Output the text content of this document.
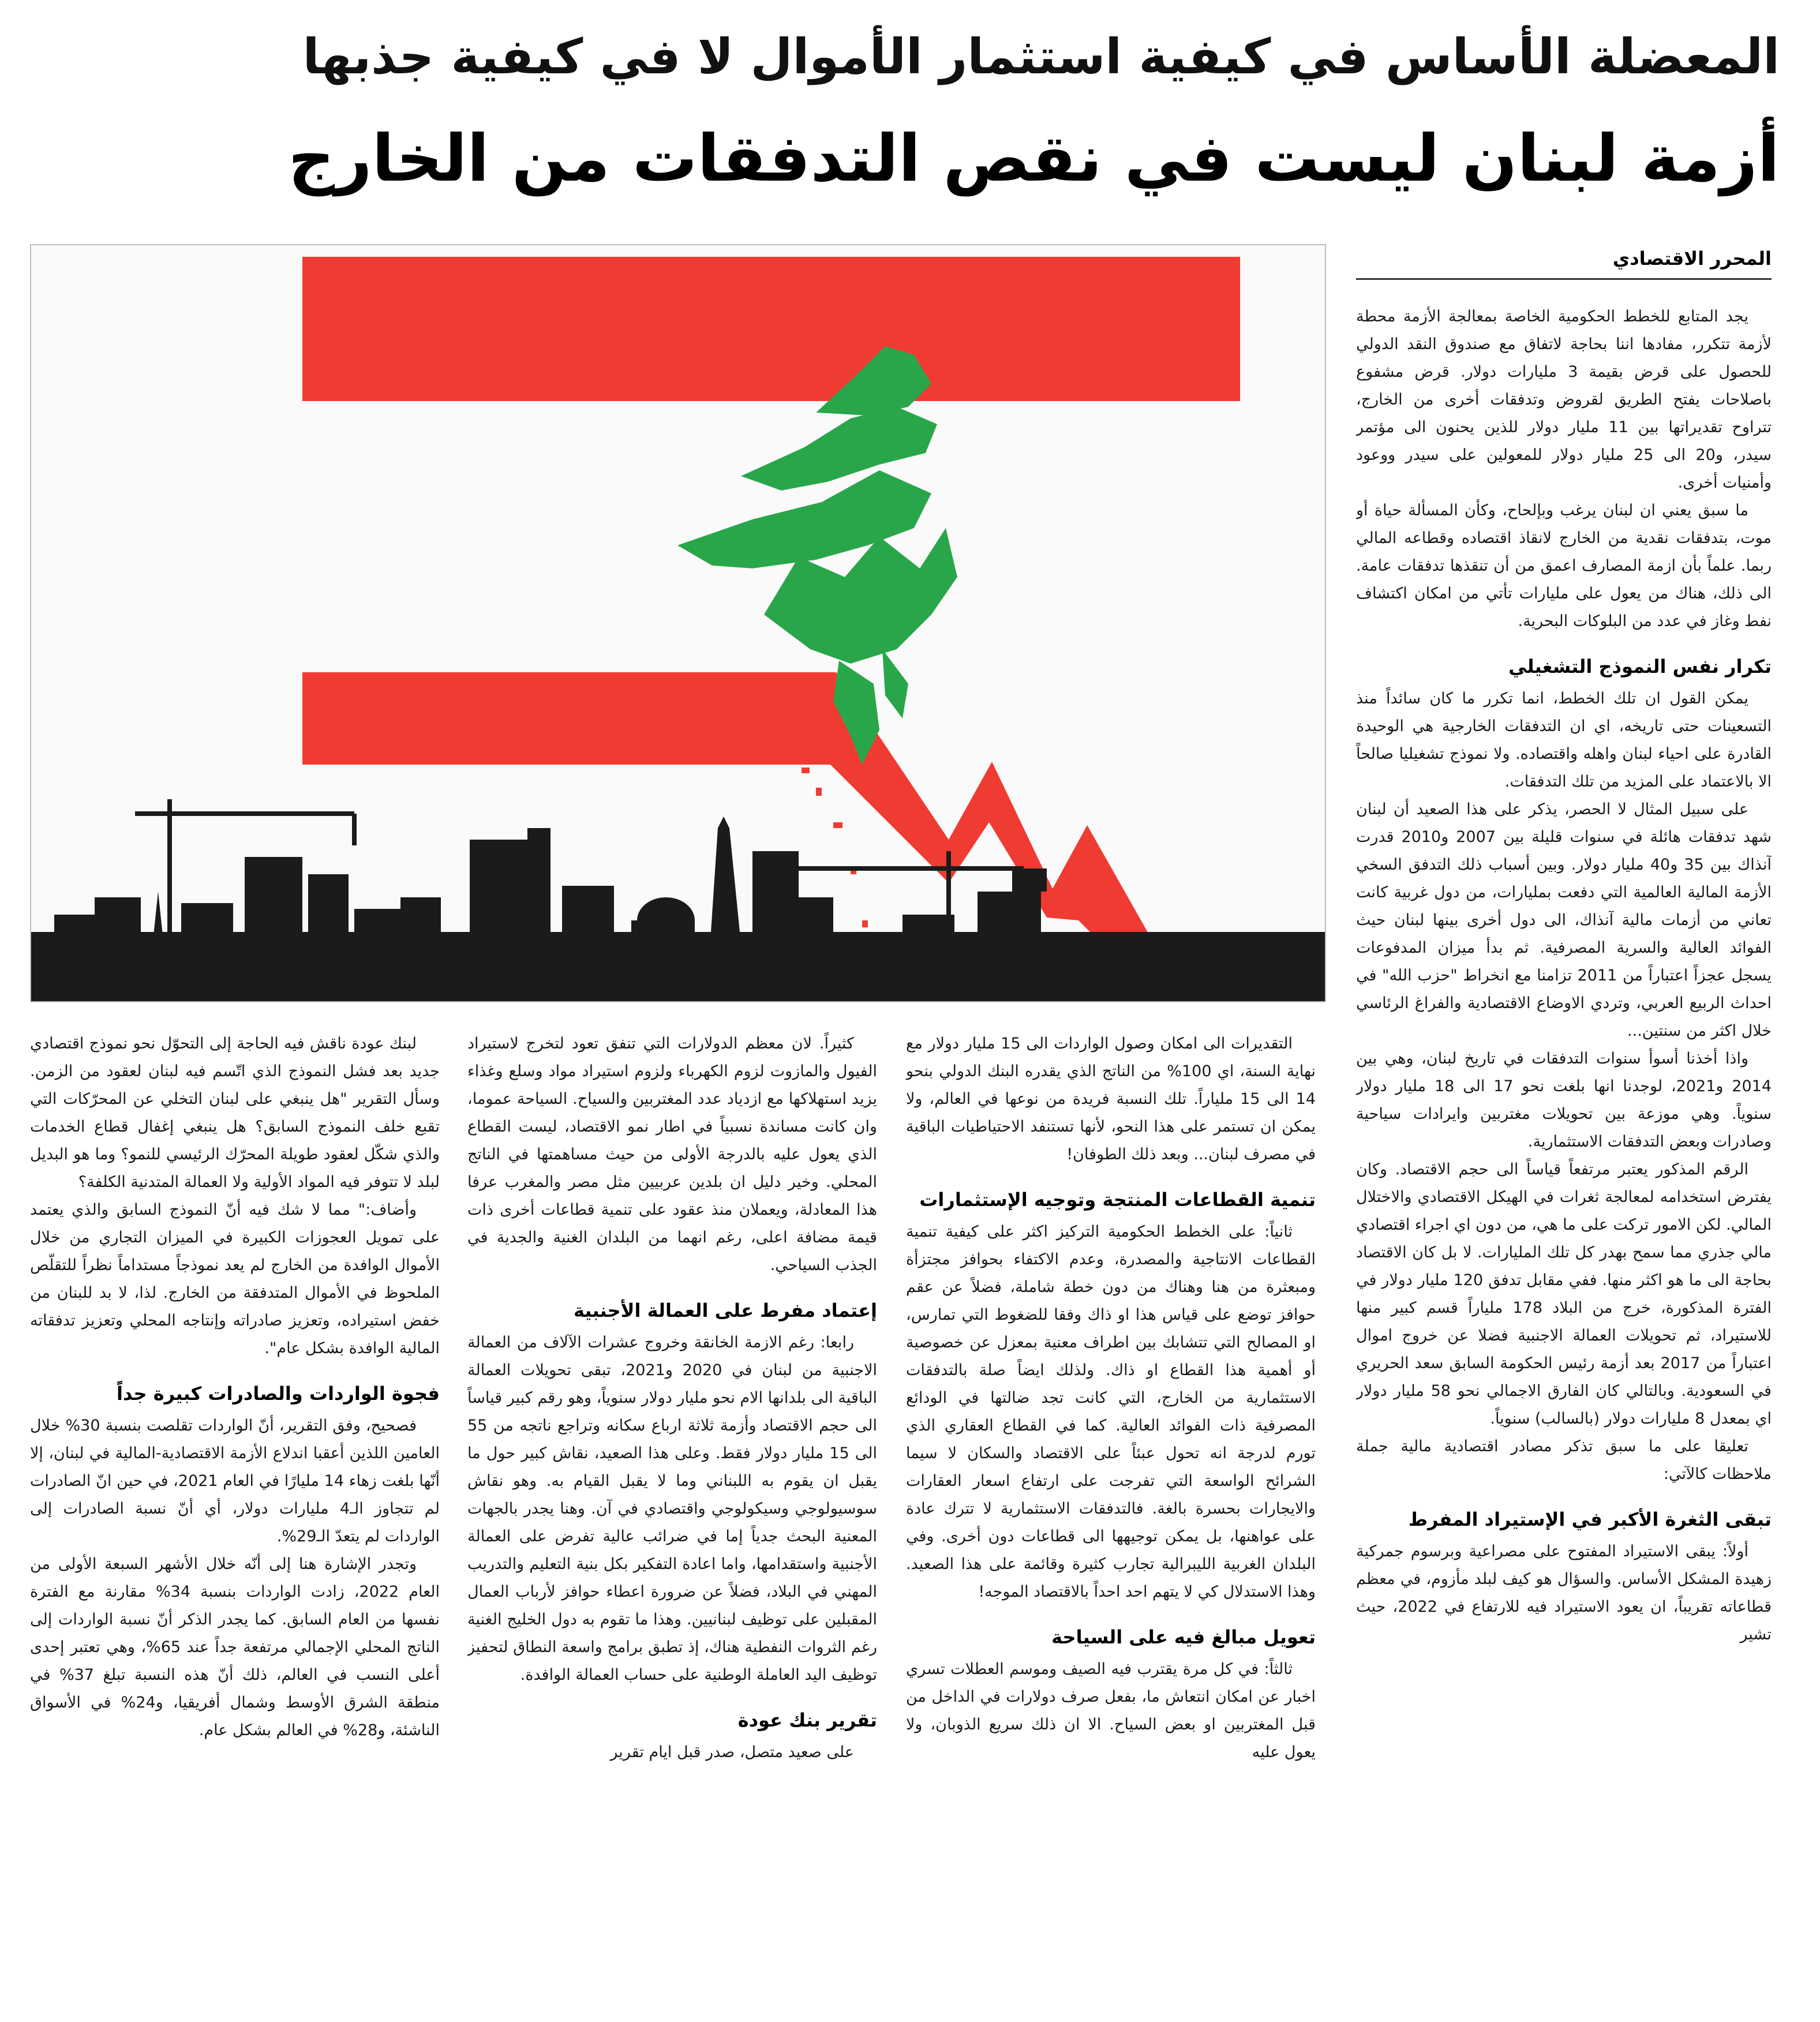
المعضلة الأساس في كيفية استثمار الأموال لا في كيفية جذبها
أزمة لبنان ليست في نقص التدفقات من الخارج
المحرر الاقتصادي

يجد المتابع للخطط الحكومية الخاصة بمعالجة الأزمة محطة لأزمة تتكرر، مفادها اننا بحاجة لاتفاق مع صندوق النقد الدولي للحصول على قرض بقيمة 3 مليارات دولار. قرض مشفوع باصلاحات يفتح الطريق لقروض وتدفقات أخرى من الخارج، تتراوح تقديراتها بين 11 مليار دولار للذين يحنون الى مؤتمر سيدر، و20 الى 25 مليار دولار للمعولين على سيدر ووعود وأمنيات أخرى.

ما سبق يعني ان لبنان يرغب وبإلحاح، وكأن المسألة حياة أو موت، بتدفقات نقدية من الخارج لانقاذ اقتصاده وقطاعه المالي ربما. علماً بأن ازمة المصارف اعمق من أن تنقذها تدفقات عامة. الى ذلك، هناك من يعول على مليارات تأتي من امكان اكتشاف نفط وغاز في عدد من البلوكات البحرية.

تكرار نفس النموذج التشغيلي

يمكن القول ان تلك الخطط، انما تكرر ما كان سائداً منذ التسعينات حتى تاريخه، اي ان التدفقات الخارجية هي الوحيدة القادرة على احياء لبنان واهله واقتصاده. ولا نموذج تشغيليا صالحاً الا بالاعتماد على المزيد من تلك التدفقات.

على سبيل المثال لا الحصر، يذكر على هذا الصعيد أن لبنان شهد تدفقات هائلة في سنوات قليلة بين 2007 و2010 قدرت آنذاك بين 35 و40 مليار دولار. وبين أسباب ذلك التدفق السخي الأزمة المالية العالمية التي دفعت بمليارات، من دول غربية كانت تعاني من أزمات مالية آنذاك، الى دول أخرى بينها لبنان حيث الفوائد العالية والسرية المصرفية. ثم بدأ ميزان المدفوعات يسجل عجزاً اعتباراً من 2011 تزامنا مع انخراط "حزب الله" في احداث الربيع العربي، وتردي الاوضاع الاقتصادية والفراغ الرئاسي خلال اكثر من سنتين...

واذا أخذنا أسوأ سنوات التدفقات في تاريخ لبنان، وهي بين 2014 و2021، لوجدنا انها بلغت نحو 17 الى 18 مليار دولار سنوياً. وهي موزعة بين تحويلات مغتربين وايرادات سياحية وصادرات وبعض التدفقات الاستثمارية.

الرقم المذكور يعتبر مرتفعاً قياساً الى حجم الاقتصاد. وكان يفترض استخدامه لمعالجة ثغرات في الهيكل الاقتصادي والاختلال المالي. لكن الامور تركت على ما هي، من دون اي اجراء اقتصادي مالي جذري مما سمح بهدر كل تلك المليارات. لا بل كان الاقتصاد بحاجة الى ما هو اكثر منها. ففي مقابل تدفق 120 مليار دولار في الفترة المذكورة، خرج من البلاد 178 ملياراً قسم كبير منها للاستيراد، ثم تحويلات العمالة الاجنبية فضلا عن خروج اموال اعتباراً من 2017 بعد أزمة رئيس الحكومة السابق سعد الحريري في السعودية. وبالتالي كان الفارق الاجمالي نحو 58 مليار دولار اي بمعدل 8 مليارات دولار (بالسالب) سنوياً.

تعليقا على ما سبق تذكر مصادر اقتصادية مالية جملة ملاحظات كالآتي:

تبقى الثغرة الأكبر في الإستيراد المفرط

أولاً: يبقى الاستيراد المفتوح على مصراعية وبرسوم جمركية زهيدة المشكل الأساس. والسؤال هو كيف لبلد مأزوم، في معظم قطاعاته تقريباً، ان يعود الاستيراد فيه للارتفاع في 2022، حيث تشير

التقديرات الى امكان وصول الواردات الى 15 مليار دولار مع نهاية السنة، اي 100% من الناتج الذي يقدره البنك الدولي بنحو 14 الى 15 ملياراً. تلك النسبة فريدة من نوعها في العالم، ولا يمكن ان تستمر على هذا النحو، لأنها تستنفد الاحتياطيات الباقية في مصرف لبنان... وبعد ذلك الطوفان!

تنمية القطاعات المنتجة وتوجيه الإستثمارات

ثانياً: على الخطط الحكومية التركيز اكثر على كيفية تنمية القطاعات الانتاجية والمصدرة، وعدم الاكتفاء بحوافز مجتزأة ومبعثرة من هنا وهناك من دون خطة شاملة، فضلاً عن عقم حوافز توضع على قياس هذا او ذاك وفقا للضغوط التي تمارس، او المصالح التي تتشابك بين اطراف معنية بمعزل عن خصوصية أو أهمية هذا القطاع او ذاك. ولذلك ايضاً صلة بالتدفقات الاستثمارية من الخارج، التي كانت تجد ضالتها في الودائع المصرفية ذات الفوائد العالية. كما في القطاع العقاري الذي تورم لدرجة انه تحول عبئاً على الاقتصاد والسكان لا سيما الشرائح الواسعة التي تفرجت على ارتفاع اسعار العقارات والايجارات بحسرة بالغة. فالتدفقات الاستثمارية لا تترك عادة على عواهنها، بل يمكن توجيهها الى قطاعات دون أخرى. وفي البلدان الغربية الليبرالية تجارب كثيرة وقائمة على هذا الصعيد. وهذا الاستدلال كي لا يتهم احد احداً بالاقتصاد الموجه!

تعويل مبالغ فيه على السياحة

ثالثاً: في كل مرة يقترب فيه الصيف وموسم العطلات تسري اخبار عن امكان انتعاش ما، بفعل صرف دولارات في الداخل من قبل المغتربين او بعض السياح. الا ان ذلك سريع الذوبان، ولا يعول عليه

كثيراً. لان معظم الدولارات التي تنفق تعود لتخرج لاستيراد الفيول والمازوت لزوم الكهرباء ولزوم استيراد مواد وسلع وغذاء يزيد استهلاكها مع ازدياد عدد المغتربين والسياح. السياحة عموما، وان كانت مساندة نسبياً في اطار نمو الاقتصاد، ليست القطاع الذي يعول عليه بالدرجة الأولى من حيث مساهمتها في الناتج المحلي. وخير دليل ان بلدين عربيين مثل مصر والمغرب عرفا هذا المعادلة، ويعملان منذ عقود على تنمية قطاعات أخرى ذات قيمة مضافة اعلى، رغم انهما من البلدان الغنية والجدية في الجذب السياحي.

إعتماد مفرط على العمالة الأجنبية

رابعا: رغم الازمة الخانقة وخروج عشرات الآلاف من العمالة الاجنبية من لبنان في 2020 و2021، تبقى تحويلات العمالة الباقية الى بلدانها الام نحو مليار دولار سنوياً، وهو رقم كبير قياساً الى حجم الاقتصاد وأزمة ثلاثة ارباع سكانه وتراجع ناتجه من 55 الى 15 مليار دولار فقط. وعلى هذا الصعيد، نقاش كبير حول ما يقبل ان يقوم به اللبناني وما لا يقبل القيام به. وهو نقاش سوسيولوجي وسيكولوجي واقتصادي في آن. وهنا يجدر بالجهات المعنية البحث جدياً إما في ضرائب عالية تفرض على العمالة الأجنبية واستقدامها، واما اعادة التفكير بكل بنية التعليم والتدريب المهني في البلاد، فضلاً عن ضرورة اعطاء حوافز لأرباب العمال المقبلين على توظيف لبنانيين. وهذا ما تقوم به دول الخليج الغنية رغم الثروات النفطية هناك، إذ تطبق برامج واسعة النطاق لتحفيز توظيف اليد العاملة الوطنية على حساب العمالة الوافدة.

تقرير بنك عودة

على صعيد متصل، صدر قبل ايام تقرير

لبنك عودة ناقش فيه الحاجة إلى التحوّل نحو نموذج اقتصادي جديد بعد فشل النموذج الذي اتّسم فيه لبنان لعقود من الزمن. وسأل التقرير "هل ينبغي على لبنان التخلي عن المحرّكات التي تقبع خلف النموذج السابق؟ هل ينبغي إغفال قطاع الخدمات والذي شكّل لعقود طويلة المحرّك الرئيسي للنمو؟ وما هو البديل لبلد لا تتوفر فيه المواد الأولية ولا العمالة المتدنية الكلفة؟

وأضاف:" مما لا شك فيه أنّ النموذج السابق والذي يعتمد على تمويل العجوزات الكبيرة في الميزان التجاري من خلال الأموال الوافدة من الخارج لم يعد نموذجاً مستداماً نظراً للتقلّص الملحوظ في الأموال المتدفقة من الخارج. لذا، لا بد للبنان من خفض استيراده، وتعزيز صادراته وإنتاجه المحلي وتعزيز تدفقاته المالية الوافدة بشكل عام".

فجوة الواردات والصادرات كبيرة جداً

فصحيح، وفق التقرير، أنّ الواردات تقلصت بنسبة 30% خلال العامين اللذين أعقبا اندلاع الأزمة الاقتصادية-المالية في لبنان، إلا أنّها بلغت زهاء 14 مليارًا في العام 2021، في حين انّ الصادرات لم تتجاوز الـ4 مليارات دولار، أي أنّ نسبة الصادرات إلى الواردات لم يتعدّ الـ29%.

وتجدر الإشارة هنا إلى أنّه خلال الأشهر السبعة الأولى من العام 2022، زادت الواردات بنسبة 34% مقارنة مع الفترة نفسها من العام السابق. كما يجدر الذكر أنّ نسبة الواردات إلى الناتج المحلي الإجمالي مرتفعة جداً عند 65%، وهي تعتبر إحدى أعلى النسب في العالم، ذلك أنّ هذه النسبة تبلغ 37% في منطقة الشرق الأوسط وشمال أفريقيا، و24% في الأسواق الناشئة، و28% في العالم بشكل عام.
